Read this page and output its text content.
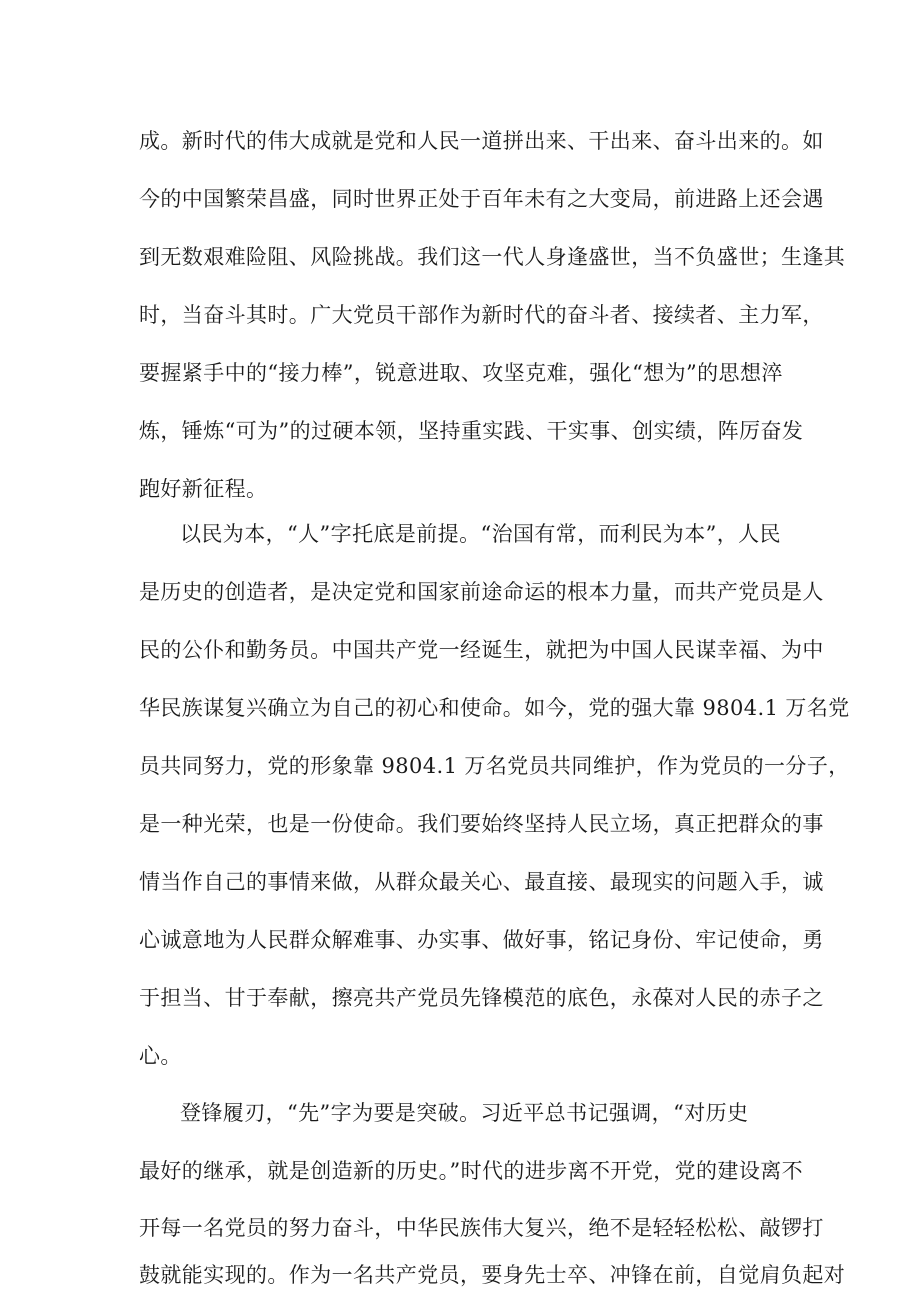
成。新时代的伟大成就是党和人民一道拼出来、干出来、奋斗出来的。如
今的中国繁荣昌盛，同时世界正处于百年未有之大变局，前进路上还会遇
到无数艰难险阻、风险挑战。我们这一代人身逢盛世，当不负盛世；生逢其
时，当奋斗其时。广大党员干部作为新时代的奋斗者、接续者、主力军，
要握紧手中的“接力棒”，锐意进取、攻坚克难，强化“想为”的思想淬
炼，锤炼“可为”的过硬本领，坚持重实践、干实事、创实绩，阵厉奋发
跑好新征程。
以民为本，“人”字托底是前提。“治国有常，而利民为本”，人民
是历史的创造者，是决定党和国家前途命运的根本力量，而共产党员是人
民的公仆和勤务员。中国共产党一经诞生，就把为中国人民谋幸福、为中
华民族谋复兴确立为自己的初心和使命。如今，党的强大靠 9804.1 万名党
员共同努力，党的形象靠 9804.1 万名党员共同维护，作为党员的一分子，
是一种光荣，也是一份使命。我们要始终坚持人民立场，真正把群众的事
情当作自己的事情来做，从群众最关心、最直接、最现实的问题入手，诚
心诚意地为人民群众解难事、办实事、做好事，铭记身份、牢记使命，勇
于担当、甘于奉献，擦亮共产党员先锋模范的底色，永葆对人民的赤子之
心。
登锋履刃，“先”字为要是突破。习近平总书记强调，“对历史
最好的继承，就是创造新的历史。”时代的进步离不开党，党的建设离不
开每一名党员的努力奋斗，中华民族伟大复兴，绝不是轻轻松松、敲锣打
鼓就能实现的。作为一名共产党员，要身先士卒、冲锋在前，自觉肩负起对
